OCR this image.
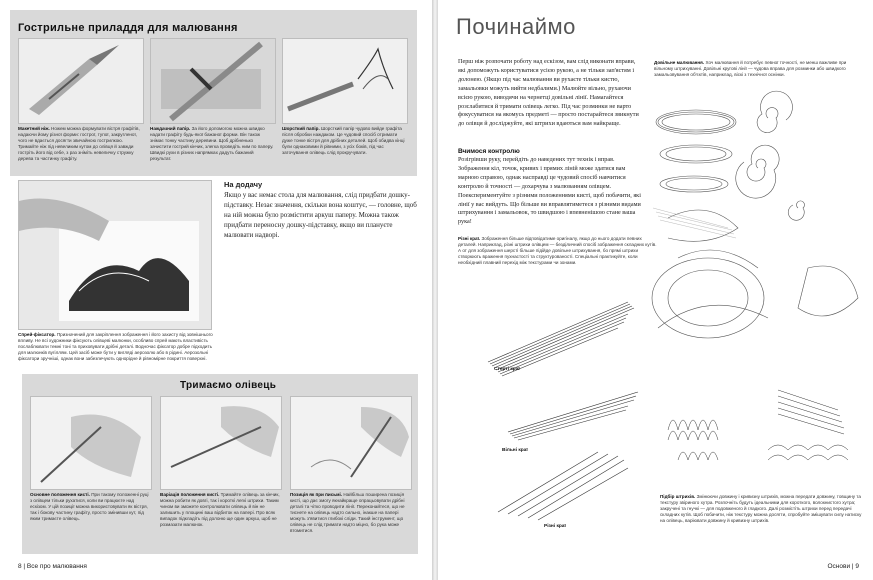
Гострильне приладдя для малювання
Макетний ніж. Ножем можна формувати вістря графітів, надаючи йому різної форми: гострої, тупої, закругленої, чого не вдається досягти звичайною гострилкою. Тримайте ніж під невеликим кутом до олівця й завжди гостріть його від себе, з раз зніміть невеличку стружку дерева та частинку графіту.
Наждачний папір. За його допомогою можна швидко надати графіту будь-якої бажаної форми. Він також знімає тонку частину деревини. Щоб дрібненько зачистити гострий кінчик, злегка проведіть ним по паперу. Швидкі рухи в різних напрямках дадуть бажаний результат.
Шорсткий папір. Шорсткий папір чудово вийде графіта після обробки наждаком. Це чудовий спосіб отримати дуже тонке вістря для дрібних деталей. Щоб обидва кінці були однаковими й рівними, з усіх боків, під час заточування олівець слід прокручувати.
На додачу
Якщо у вас немає стола для малювання, слід придбати дошку-підставку. Незає значення, скільки вона коштує, — головне, щоб на ній можна було розмістити аркуш паперу. Можна також придбати переносну дошку-підставку, якщо ви плануєте малювати надворі.
Спрей-фіксатор. Призначений для закріплення зображення і його захисту від зовнішнього впливу. Не всі художники фіксують олівцеві малюнки, особливо спрей мають властивість послаблювати темні тоні та приховувати дрібні деталі. Водночас фіксатор добре підходить для малюнків вугіллям. Цей засіб може бути у вигляді аерозолю або в рідині. Аерозольні фіксатори зручніші, однак вони забезпечують однорідне й рівномірне покриття поверхні.
Тримаємо олівець
Основне положення кисті. При такому положенні руці з олівцем тільки рухатися, коли ви працюєте над ескізом. У цій позиції можна використовувати як вістря, так і бокову частину графіту, просто змінивши кут, під яким тримаєте олівець.
Варіація положення кисті. Тримайте олівець за кінчик, можна робити як довгі, так і короткі легкі штрихи. Таким чином ви зможете контролювати олівець й він не залишить у площині ваш відбиток на папері. Про всяк випадок підкладіть під долоню ще один аркуш, щоб не розмазати малюнок.
Позиція як при письмі. Найбільш поширена позиція кисті, що дає змогу якнайкраще опрацьовувати дрібні деталі та чітко проводити лінії. Переконайтеся, що не тиснете на олівець надто сильно, інакше на папері можуть з'явитися глибокі сліди. Такий інструмент, що олівець не слід тримати надто міцно, бо рука може втомитися.
8 | Все про малювання
Починаймо
Перш ніж розпочати роботу над ескізом, вам слід виконати вправи, які допоможуть користуватися усією рукою, а не тільки зап'ястям і долонею. (Якщо під час малювання ви рухаєте тільки кистю, замальовки можуть вийти недбалими.) Малюйте вільно, рухаючи всією рукою, виводячи на чернетці довільні лінії. Намагайтеся розслабитися й тримати олівець легко. Під час розминки не варто фокусуватися на якомусь предметі — просто постарайтеся звикнути до олівця й досліджуйте, які штрихи вдаються вам найкраще.
Вчимося контролю
Розігрівши руку, перейдіть до наведених тут технік і вправ. Зображення кіл, точок, кривих і прямих ліній може здатися вам марною справою, однак насправді це чудовий спосіб навчитися контролю й точності — дохарчува з малюванням олівцем. Поекспериментуйте з різними положеннями кисті, щоб побачити, які лінії у вас вийдуть. Що більше ви вправлятиметеся з різними видами штрихування і замальовок, то швидшою і впевненішою стане ваша рука!
Різні краї. Зображення більше відповідатиме оригіналу, якщо до нього додати певних деталей. Наприклад, різні штрихи олівцем — безділичний спосіб зображення складних кутів. А от для зображення шерсті більше підійде довільне штрихування, бо прямі штрихи створюють враження пухнастості та структурованості. Спеціальні практикуйте, коли необхідний плавний перехід між текстурами чи зонами.
Довільне малювання. Хоч малювання й потребує певної точності, не менш важливе при вільному штрихуванні. Довільні кругові лінії — чудова вправа для розминки або швидкого замальовування об'єктів, наприклад, віскі з технічної оснінки.
Стерті краї
Вільні краї
Різні краї
Підбір штрихів. Змінюючи довжину і кривизну штрихів, можна передати довжину, товщину та текстуру звіриного хутра. Розпочніть будуть ідеальними для короткого, волокнистого хутра; закручені та гнучкі — для подовженого й гладкого. Далі розмістіть штрихи перед передачі складних кутів. Щоб побачити, ніж текстуру можна досягти, спробуйте змішувати силу натиску на олівець, варіювати довжину й кривизну штрихів.
Основи | 9
